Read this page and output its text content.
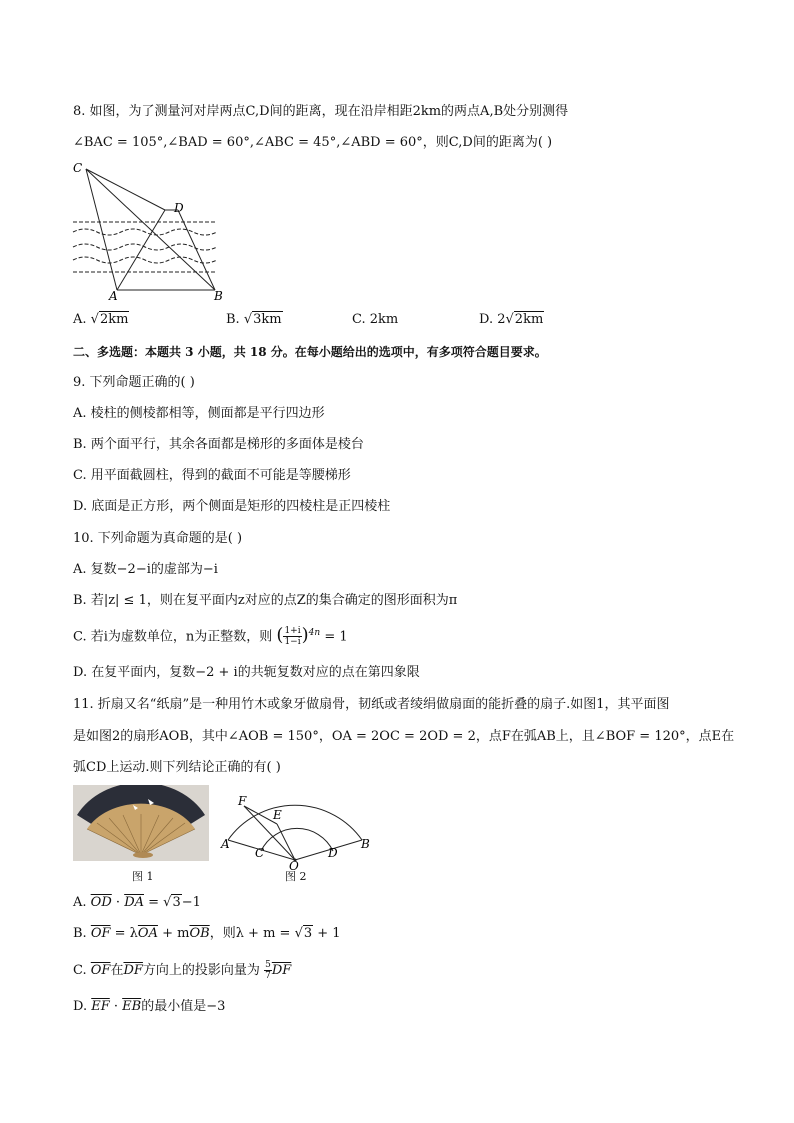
8. 如图，为了测量河对岸两点C,D间的距离，现在沿岸相距2km的两点A,B处分别测得
∠BAC = 105°,∠BAD = 60°,∠ABC = 45°,∠ABD = 60°，则C,D间的距离为( )
C
D
A	B
A. √2km	B. √3km	C. 2km	D. 2√2km
二、多选题：本题共 3 小题，共 18 分。在每小题给出的选项中，有多项符合题目要求。
9. 下列命题正确的( )
A. 棱柱的侧棱都相等，侧面都是平行四边形
B. 两个面平行，其余各面都是梯形的多面体是棱台
C. 用平面截圆柱，得到的截面不可能是等腰梯形
D. 底面是正方形，两个侧面是矩形的四棱柱是正四棱柱
10. 下列命题为真命题的是( )
A. 复数−2−i的虚部为−i
B. 若|z| ≤ 1，则在复平面内z对应的点Z的集合确定的图形面积为π
C. 若i为虚数单位，n为正整数，则 ( $\frac{1+i}{1-i} )^{4n} = 1$
D. 在复平面内，复数−2 + i的共轭复数对应的点在第四象限
11. 折扇又名“纸扇”是一种用竹木或象牙做扇骨，韧纸或者绫绢做扇面的能折叠的扇子.如图1，其平面图
是如图2的扇形AOB，其中∠AOB = 150°，OA = 2OC = 2OD = 2，点F在弧AB上，且∠BOF = 120°，点E在
弧CD上运动.则下列结论正确的有( )
图 1
F
E
A
C
O
D
B
图 2
A. $\overline{OD} \cdot \overline{DA} = √3-1$
B. $\overline{OF} = \lambda\overline{OA} + m\overline{OB}$，则λ + m = √3 + 1
C. $\overline{OF}$在$\overline{DF}$方向上的投影向量为 $\frac{5}{7} \overline{DF}$
D. $\overline{EF} \cdot \overline{EB}$的最小值是−3
